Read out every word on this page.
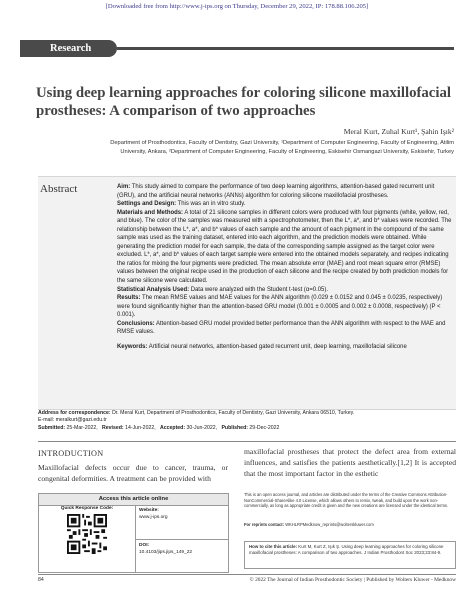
[Downloaded free from http://www.j-ips.org on Thursday, December 29, 2022, IP: 178.88.106.205]
Research
Using deep learning approaches for coloring silicone maxillofacial prostheses: A comparison of two approaches
Meral Kurt, Zuhal Kurt¹, Şahin Işık²
Department of Prosthodontics, Faculty of Dentistry, Gazi University, ¹Department of Computer Engineering, Faculty of Engineering, Atilim
University, Ankara, ²Department of Computer Engineering, Faculty of Engineering, Eskisehir Osmangazi University, Eskisehir, Turkey
Abstract	Aim: This study aimed to compare the performance of two deep learning algorithms, attention-based gated recurrent unit (GRU), and the artificial neural networks (ANNs) algorithm for coloring silicone maxillofacial prostheses.

Settings and Design: This was an in vitro study.

Materials and Methods: A total of 21 silicone samples in different colors were produced with four pigments (white, yellow, red, and blue). The color of the samples was measured with a spectrophotometer, then the L*, a*, and b* values were recorded. The relationship between the L*, a*, and b* values of each sample and the amount of each pigment in the compound of the same sample was used as the training dataset, entered into each algorithm, and the prediction models were obtained. While generating the prediction model for each sample, the data of the corresponding sample assigned as the target color were excluded. L*, a*, and b* values of each target sample were entered into the obtained models separately, and recipes indicating the ratios for mixing the four pigments were predicted. The mean absolute error (MAE) and root mean square error (RMSE) values between the original recipe used in the production of each silicone and the recipe created by both prediction models for the same silicone were calculated.

Statistical Analysis Used: Data were analyzed with the Student t-test (α=0.05).

Results: The mean RMSE values and MAE values for the ANN algorithm (0.029 ± 0.0152 and 0.045 ± 0.0235, respectively) were found significantly higher than the attention-based GRU model (0.001 ± 0.0005 and 0.002 ± 0.0008, respectively) (P < 0.001).

Conclusions: Attention-based GRU model provided better performance than the ANN algorithm with respect to the MAE and RMSE values.

Keywords: Artificial neural networks, attention-based gated recurrent unit, deep learning, maxillofacial silicone

Address for correspondence: Dr. Meral Kurt, Department of Prosthodontics, Faculty of Dentistry, Gazi University, Ankara 06510, Turkey.

E-mail: meralkurt@gazi.edu.tr

Submitted: 25-Mar-2022, Revised: 14-Jun-2022, Accepted: 30-Jun-2022, Published: 29-Dec-2022

INTRODUCTION
Maxillofacial defects occur due to cancer, trauma, or congenital deformities. A treatment can be provided with
maxillofacial prostheses that protect the defect area from external influences, and satisfies the patients aesthetically.[1,2] It is accepted that the most important factor in the esthetic
Access this article online
Quick Response Code:	Website:
www.j-ips.org
DOI:
10.4103/jips.jips_149_22
This is an open access journal, and articles are distributed under the terms of the Creative Commons Attribution-NonCommercial-ShareAlike 4.0 License, which allows others to remix, tweak, and build upon the work non-commercially, as long as appropriate credit is given and the new creations are licensed under the identical terms.
For reprints contact: WKHLRPMedknow_reprints@wolterskluwer.com
How to cite this article: Kurt M, Kurt Z, Işık Ş. Using deep learning approaches for coloring silicone maxillofacial prostheses: A comparison of two approaches. J Indian Prosthodont Soc 2023;23:84-9.
84	© 2022 The Journal of Indian Prosthodontic Society | Published by Wolters Kluwer - Medknow
